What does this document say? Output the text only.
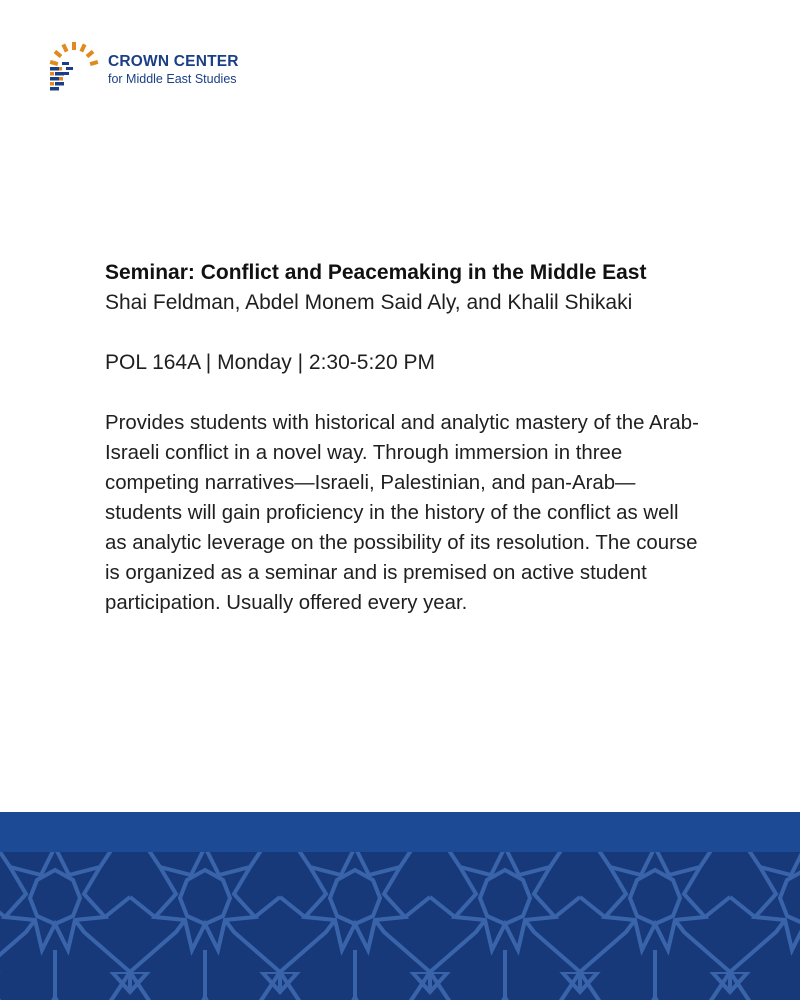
CROWN CENTER
for Middle East Studies
Seminar: Conflict and Peacemaking in the Middle East

Shai Feldman, Abdel Monem Said Aly, and Khalil Shikaki

POL 164A | Monday | 2:30-5:20 PM

Provides students with historical and analytic mastery of the Arab-Israeli conflict in a novel way. Through immersion in three competing narratives—Israeli, Palestinian, and pan-Arab—students will gain proficiency in the history of the conflict as well as analytic leverage on the possibility of its resolution. The course is organized as a seminar and is premised on active student participation. Usually offered every year.
